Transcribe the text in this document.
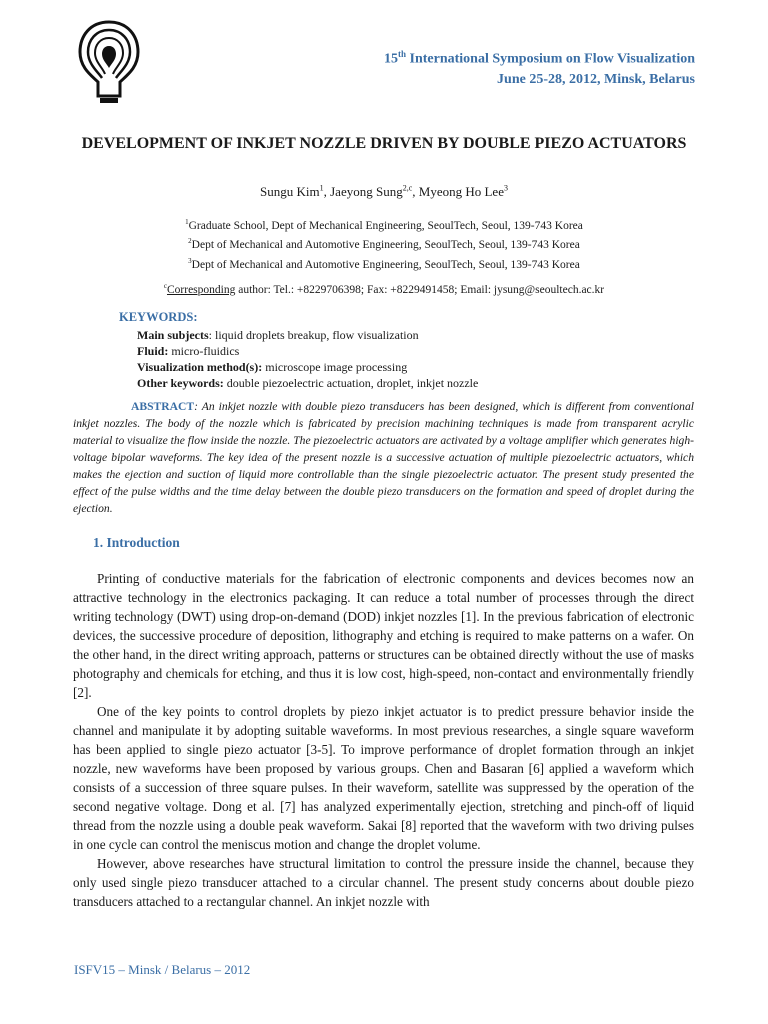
15th International Symposium on Flow Visualization
June 25-28, 2012, Minsk, Belarus
DEVELOPMENT OF INKJET NOZZLE DRIVEN BY DOUBLE PIEZO ACTUATORS
Sungu Kim$^1$, Jaeyong Sung$^{2,c}$, Myeong Ho Lee$^3$
$^1$Graduate School, Dept of Mechanical Engineering, SeoulTech, Seoul, 139-743 Korea
$^2$Dept of Mechanical and Automotive Engineering, SeoulTech, Seoul, 139-743 Korea
$^3$Dept of Mechanical and Automotive Engineering, SeoulTech, Seoul, 139-743 Korea
$^c$Corresponding author: Tel.: +8229706398; Fax: +8229491458; Email: jysung@seoultech.ac.kr
KEYWORDS:
Main subjects: liquid droplets breakup, flow visualization
Fluid: micro-fluidics
Visualization method(s): microscope image processing
Other keywords: double piezoelectric actuation, droplet, inkjet nozzle
ABSTRACT: An inkjet nozzle with double piezo transducers has been designed, which is different from conventional inkjet nozzles. The body of the nozzle which is fabricated by precision machining techniques is made from transparent acrylic material to visualize the flow inside the nozzle. The piezoelectric actuators are activated by a voltage amplifier which generates high-voltage bipolar waveforms. The key idea of the present nozzle is a successive actuation of multiple piezoelectric actuators, which makes the ejection and suction of liquid more controllable than the single piezoelectric actuator. The present study presented the effect of the pulse widths and the time delay between the double piezo transducers on the formation and speed of droplet during the ejection.
1. Introduction

Printing of conductive materials for the fabrication of electronic components and devices becomes now an attractive technology in the electronics packaging. It can reduce a total number of processes through the direct writing technology (DWT) using drop-on-demand (DOD) inkjet nozzles [1]. In the previous fabrication of electronic devices, the successive procedure of deposition, lithography and etching is required to make patterns on a wafer. On the other hand, in the direct writing approach, patterns or structures can be obtained directly without the use of masks photography and chemicals for etching, and thus it is low cost, high-speed, non-contact and environmentally friendly [2].

One of the key points to control droplets by piezo inkjet actuator is to predict pressure behavior inside the channel and manipulate it by adopting suitable waveforms. In most previous researches, a single square waveform has been applied to single piezo actuator [3-5]. To improve performance of droplet formation through an inkjet nozzle, new waveforms have been proposed by various groups. Chen and Basaran [6] applied a waveform which consists of a succession of three square pulses. In their waveform, satellite was suppressed by the operation of the second negative voltage. Dong et al. [7] has analyzed experimentally ejection, stretching and pinch-off of liquid thread from the nozzle using a double peak waveform. Sakai [8] reported that the waveform with two driving pulses in one cycle can control the meniscus motion and change the droplet volume.

However, above researches have structural limitation to control the pressure inside the channel, because they only used single piezo transducer attached to a circular channel. The present study concerns about double piezo transducers attached to a rectangular channel. An inkjet nozzle with

ISFV15 – Minsk / Belarus – 2012
